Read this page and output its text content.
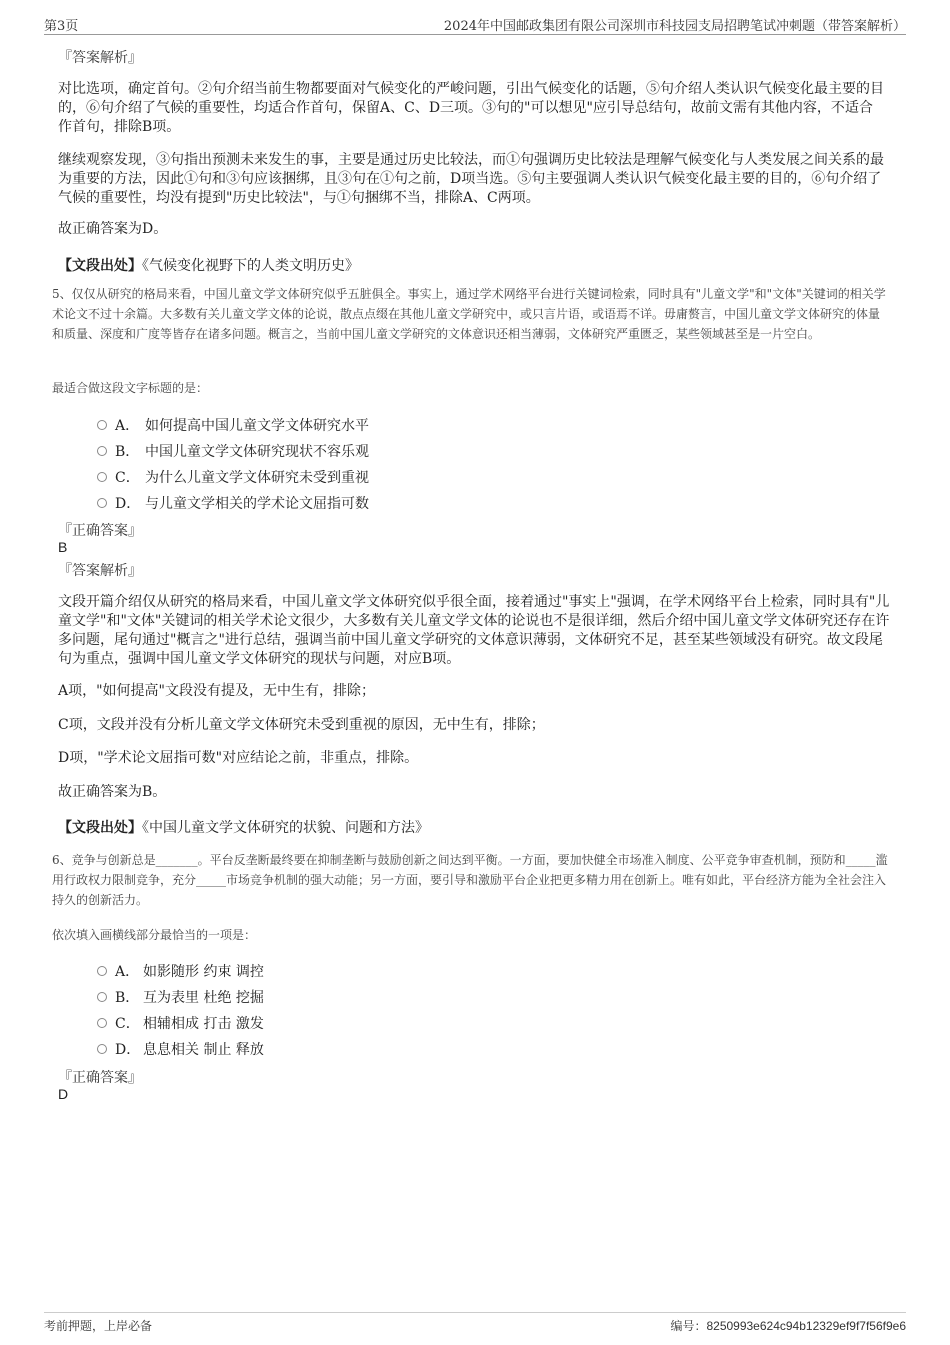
第3页	2024年中国邮政集团有限公司深圳市科技园支局招聘笔试冲刺题（带答案解析）
『答案解析』
对比选项，确定首句。②句介绍当前生物都要面对气候变化的严峻问题，引出气候变化的话题，⑤句介绍人类认识气候变化最主要的目的，⑥句介绍了气候的重要性，均适合作首句，保留A、C、D三项。③句的"可以想见"应引导总结句，故前文需有其他内容，不适合作首句，排除B项。
继续观察发现，③句指出预测未来发生的事，主要是通过历史比较法，而①句强调历史比较法是理解气候变化与人类发展之间关系的最为重要的方法，因此①句和③句应该捆绑，且③句在①句之前，D项当选。⑤句主要强调人类认识气候变化最主要的目的，⑥句介绍了气候的重要性，均没有提到"历史比较法"，与①句捆绑不当，排除A、C两项。
故正确答案为D。
【文段出处】《气候变化视野下的人类文明历史》
5、仅仅从研究的格局来看，中国儿童文学文体研究似乎五脏俱全。事实上，通过学术网络平台进行关键词检索，同时具有"儿童文学"和"文体"关键词的相关学术论文不过十余篇。大多数有关儿童文学文体的论说，散点点缀在其他儿童文学研究中，或只言片语，或语焉不详。毋庸赘言，中国儿童文学文体研究的体量和质量、深度和广度等皆存在诸多问题。概言之，当前中国儿童文学研究的文体意识还相当薄弱，文体研究严重匮乏，某些领域甚至是一片空白。
最适合做这段文字标题的是：
A． 如何提高中国儿童文学文体研究水平
B． 中国儿童文学文体研究现状不容乐观
C． 为什么儿童文学文体研究未受到重视
D． 与儿童文学相关的学术论文屈指可数
『正确答案』
B
『答案解析』
文段开篇介绍仅从研究的格局来看，中国儿童文学文体研究似乎很全面，接着通过"事实上"强调，在学术网络平台上检索，同时具有"儿童文学"和"文体"关键词的相关学术论文很少，大多数有关儿童文学文体的论说也不是很详细，然后介绍中国儿童文学文体研究还存在许多问题，尾句通过"概言之"进行总结，强调当前中国儿童文学研究的文体意识薄弱，文体研究不足，甚至某些领域没有研究。故文段尾句为重点，强调中国儿童文学文体研究的现状与问题，对应B项。
A项，"如何提高"文段没有提及，无中生有，排除；
C项，文段并没有分析儿童文学文体研究未受到重视的原因，无中生有，排除；
D项，"学术论文屈指可数"对应结论之前，非重点，排除。
故正确答案为B。
【文段出处】《中国儿童文学文体研究的状貌、问题和方法》
6、竞争与创新总是_______。平台反垄断最终要在抑制垄断与鼓励创新之间达到平衡。一方面，要加快健全市场准入制度、公平竞争审查机制，预防和_____滥用行政权力限制竞争，充分_____市场竞争机制的强大动能；另一方面，要引导和激励平台企业把更多精力用在创新上。唯有如此，平台经济方能为全社会注入持久的创新活力。
依次填入画横线部分最恰当的一项是：
A． 如影随形 约束 调控
B． 互为表里 杜绝 挖掘
C． 相辅相成 打击 激发
D． 息息相关 制止 释放
『正确答案』
D
考前押题，上岸必备	编号：8250993e624c94b12329ef9f7f56f9e6
